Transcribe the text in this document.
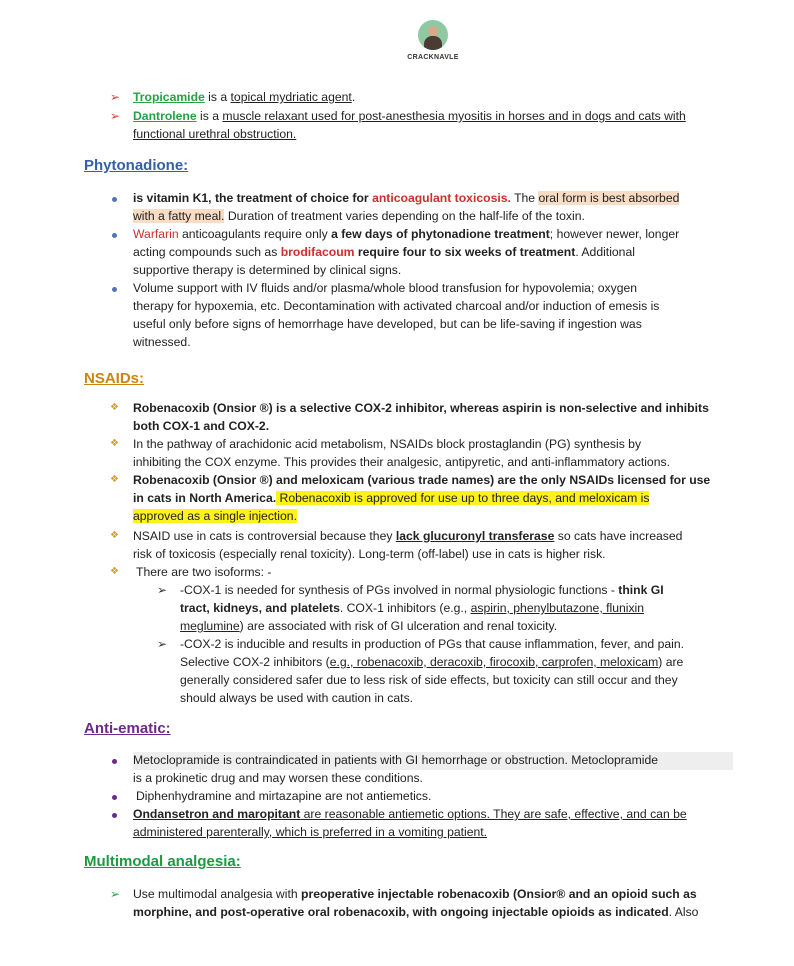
CRACKNAVLE
➢ Tropicamide is a topical mydriatic agent.
➢ Dantrolene is a muscle relaxant used for post-anesthesia myositis in horses and in dogs and cats with
functional urethral obstruction.
Phytonadione:
is vitamin K1, the treatment of choice for anticoagulant toxicosis. The oral form is best absorbed
with a fatty meal. Duration of treatment varies depending on the half-life of the toxin.
Warfarin anticoagulants require only a few days of phytonadione treatment; however newer, longer
acting compounds such as brodifacoum require four to six weeks of treatment. Additional
supportive therapy is determined by clinical signs.
Volume support with IV fluids and/or plasma/whole blood transfusion for hypovolemia; oxygen
therapy for hypoxemia, etc. Decontamination with activated charcoal and/or induction of emesis is
useful only before signs of hemorrhage have developed, but can be life-saving if ingestion was
witnessed.
NSAIDs:
❖ Robenacoxib (Onsior ®) is a selective COX-2 inhibitor, whereas aspirin is non-selective and inhibits
both COX-1 and COX-2.
❖ In the pathway of arachidonic acid metabolism, NSAIDs block prostaglandin (PG) synthesis by
inhibiting the COX enzyme. This provides their analgesic, antipyretic, and anti-inflammatory actions.
❖ Robenacoxib (Onsior ®) and meloxicam (various trade names) are the only NSAIDs licensed for use
in cats in North America. Robenacoxib is approved for use up to three days, and meloxicam is
approved as a single injection.
❖ NSAID use in cats is controversial because they lack glucuronyl transferase so cats have increased
risk of toxicosis (especially renal toxicity). Long-term (off-label) use in cats is higher risk.
❖ There are two isoforms: -
➢ -COX-1 is needed for synthesis of PGs involved in normal physiologic functions - think GI
tract, kidneys, and platelets. COX-1 inhibitors (e.g., aspirin, phenylbutazone, flunixin
meglumine) are associated with risk of GI ulceration and renal toxicity.
➢ -COX-2 is inducible and results in production of PGs that cause inflammation, fever, and pain.
Selective COX-2 inhibitors (e.g., robenacoxib, deracoxib, firocoxib, carprofen, meloxicam) are
generally considered safer due to less risk of side effects, but toxicity can still occur and they
should always be used with caution in cats.
Anti-ematic:
Metoclopramide is contraindicated in patients with GI hemorrhage or obstruction. Metoclopramide
is a prokinetic drug and may worsen these conditions.
Diphenhydramine and mirtazapine are not antiemetics.
Ondansetron and maropitant are reasonable antiemetic options. They are safe, effective, and can be
administered parenterally, which is preferred in a vomiting patient.
Multimodal analgesia:
➢ Use multimodal analgesia with preoperative injectable robenacoxib (Onsior® and an opioid such as
morphine, and post-operative oral robenacoxib, with ongoing injectable opioids as indicated. Also
